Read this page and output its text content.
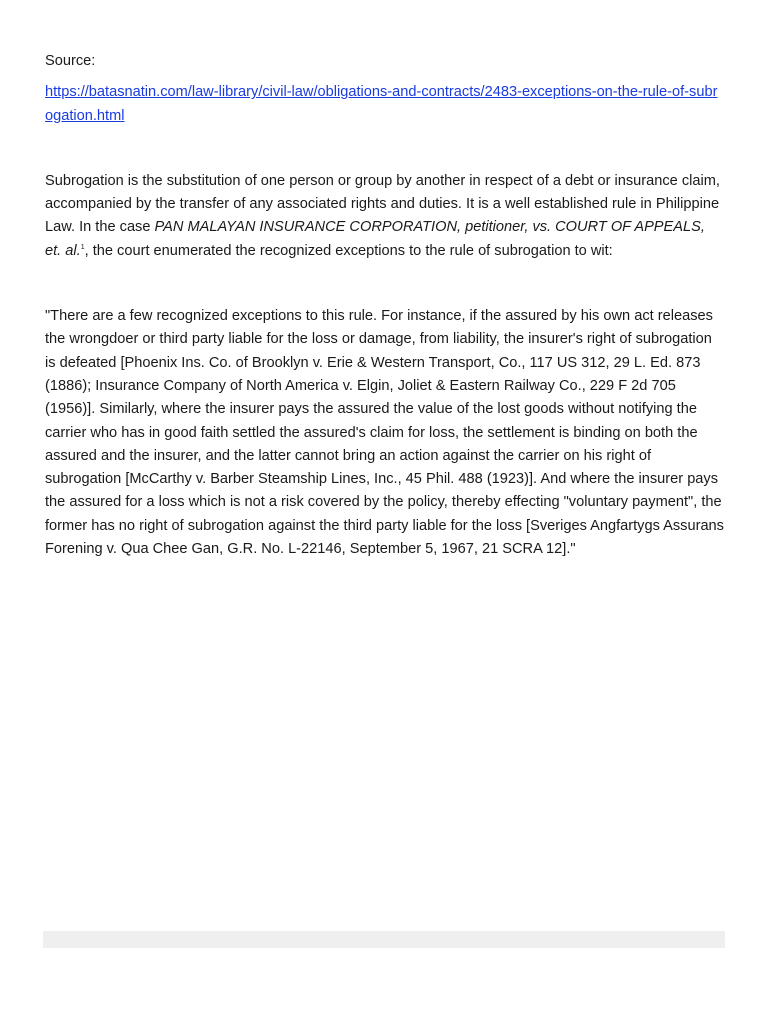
Source:

https://batasnatin.com/law-library/civil-law/obligations-and-contracts/2483-exceptions-on-the-rule-of-subrogation.html

Subrogation is the substitution of one person or group by another in respect of a debt or insurance claim, accompanied by the transfer of any associated rights and duties. It is a well established rule in Philippine Law. In the case PAN MALAYAN INSURANCE CORPORATION, petitioner, vs. COURT OF APPEALS, et. al.$^1$, the court enumerated the recognized exceptions to the rule of subrogation to wit:

"There are a few recognized exceptions to this rule. For instance, if the assured by his own act releases the wrongdoer or third party liable for the loss or damage, from liability, the insurer's right of subrogation is defeated [Phoenix Ins. Co. of Brooklyn v. Erie & Western Transport, Co., 117 US 312, 29 L. Ed. 873 (1886); Insurance Company of North America v. Elgin, Joliet & Eastern Railway Co., 229 F 2d 705 (1956)]. Similarly, where the insurer pays the assured the value of the lost goods without notifying the carrier who has in good faith settled the assured's claim for loss, the settlement is binding on both the assured and the insurer, and the latter cannot bring an action against the carrier on his right of subrogation [McCarthy v. Barber Steamship Lines, Inc., 45 Phil. 488 (1923)]. And where the insurer pays the assured for a loss which is not a risk covered by the policy, thereby effecting "voluntary payment", the former has no right of subrogation against the third party liable for the loss [Sveriges Angfartygs Assurans Forening v. Qua Chee Gan, G.R. No. L-22146, September 5, 1967, 21 SCRA 12]."
